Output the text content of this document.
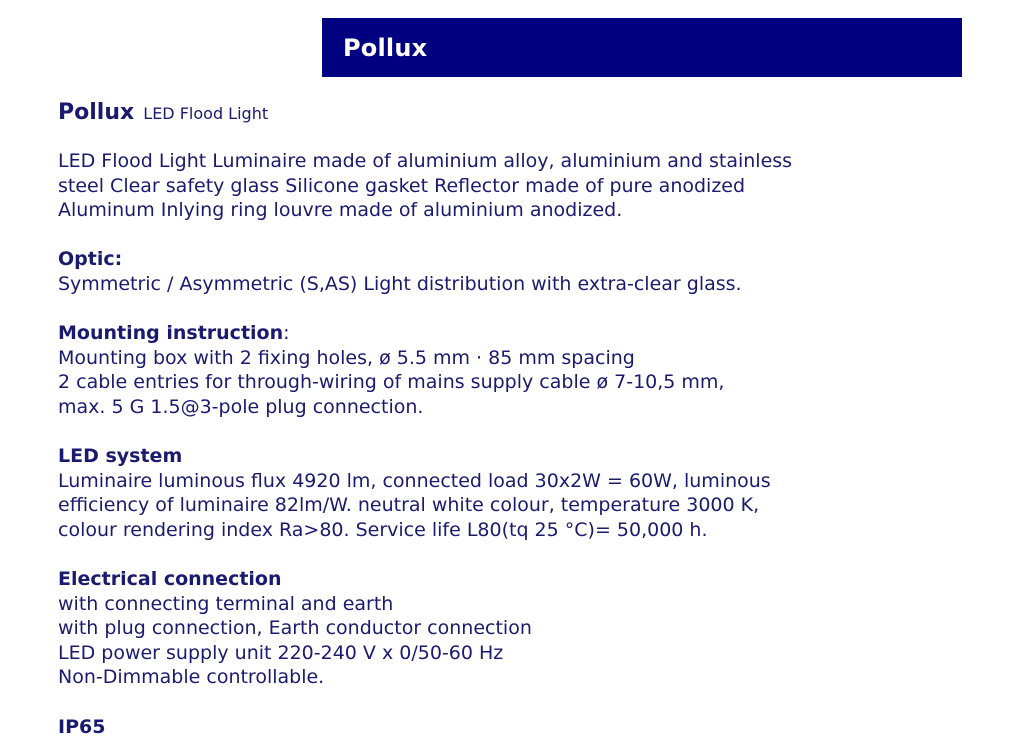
Pollux
Pollux LED Flood Light
LED Flood Light Luminaire made of aluminium alloy, aluminium and stainless
steel Clear safety glass Silicone gasket Reflector made of pure anodized
Aluminum Inlying ring louvre made of aluminium anodized.
Optic:
Symmetric / Asymmetric (S,AS) Light distribution with extra-clear glass.
Mounting instruction:
Mounting box with 2 fixing holes, ø 5.5 mm · 85 mm spacing
2 cable entries for through-wiring of mains supply cable ø 7-10,5 mm,
max. 5 G 1.5@3-pole plug connection.
LED system
Luminaire luminous flux 4920 lm, connected load 30x2W = 60W, luminous
efficiency of luminaire 82lm/W. neutral white colour, temperature 3000 K,
colour rendering index Ra>80. Service life L80(tq 25 °C)= 50,000 h.
Electrical connection
with connecting terminal and earth
with plug connection, Earth conductor connection
LED power supply unit 220-240 V x 0/50-60 Hz
Non-Dimmable controllable.
IP65
